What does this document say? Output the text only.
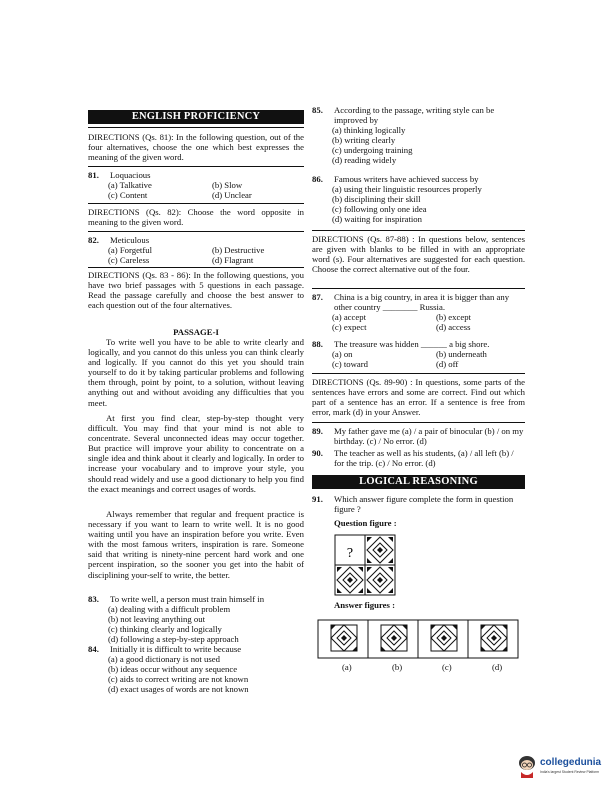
ENGLISH PROFICIENCY
DIRECTIONS (Qs. 81): In the following question, out of the four alternatives, choose the one which best expresses the meaning of the given word.
81. Loquacious
(a) Talkative	(b) Slow
(c) Content	(d) Unclear
DIRECTIONS (Qs. 82): Choose the word opposite in meaning to the given word.
82. Meticulous
(a) Forgetful	(b) Destructive
(c) Careless	(d) Flagrant
DIRECTIONS (Qs. 83 - 86): In the following questions, you have two brief passages with 5 questions in each passage. Read the passage carefully and choose the best answer to each question out of the four alternatives.
PASSAGE-I
To write well you have to be able to write clearly and logically, and you cannot do this unless you can think clearly and logically. If you cannot do this yet you should train yourself to do it by taking particular problems and following them through, point by point, to a solution, without leaving anything out and without avoiding any difficulties that you meet.
At first you find clear, step-by-step thought very difficult. You may find that your mind is not able to concentrate. Several unconnected ideas may occur together. But practice will improve your ability to concentrate on a single idea and think about it clearly and logically. In order to increase your vocabulary and to improve your style, you should read widely and use a good dictionary to help you find the exact meanings and correct usages of words.
Always remember that regular and frequent practice is necessary if you want to learn to write well. It is no good waiting until you have an inspiration before you write. Even with the most famous writers, inspiration is rare. Someone said that writing is ninety-nine percent hard work and one percent inspiration, so the sooner you get into the habit of disciplining your-self to write, the better.
83. To write well, a person must train himself in
(a) dealing with a difficult problem
(b) not leaving anything out
(c) thinking clearly and logically
(d) following a step-by-step approach
84. Initially it is difficult to write because
(a) a good dictionary is not used
(b) ideas occur without any sequence
(c) aids to correct writing are not known
(d) exact usages of words are not known
85. According to the passage, writing style can be improved by
(a) thinking logically
(b) writing clearly
(c) undergoing training
(d) reading widely
86. Famous writers have achieved success by
(a) using their linguistic resources properly
(b) disciplining their skill
(c) following only one idea
(d) waiting for inspiration
DIRECTIONS (Qs. 87-88) : In questions below, sentences are given with blanks to be filled in with an appropriate word (s). Four alternatives are suggested for each question. Choose the correct alternative out of the four.
87. China is a big country, in area it is bigger than any other country ________ Russia.
(a) accept	(b) except
(c) expect	(d) access
88. The treasure was hidden ______ a big shore.
(a) on	(b) underneath
(c) toward	(d) off
DIRECTIONS (Qs. 89-90) : In questions, some parts of the sentences have errors and some are correct. Find out which part of a sentence has an error. If a sentence is free from error, mark (d) in your Answer.
89. My father gave me (a) / a pair of binocular (b) / on my birthday. (c) / No error. (d)
90. The teacher as well as his students, (a) / all left (b) / for the trip. (c) / No error. (d)
LOGICAL REASONING
91. Which answer figure complete the form in question figure ?
Question figure :
?
Answer figures :
(a)	(b)	(c)	(d)
collegedunia
India's largest Student Review Platform
